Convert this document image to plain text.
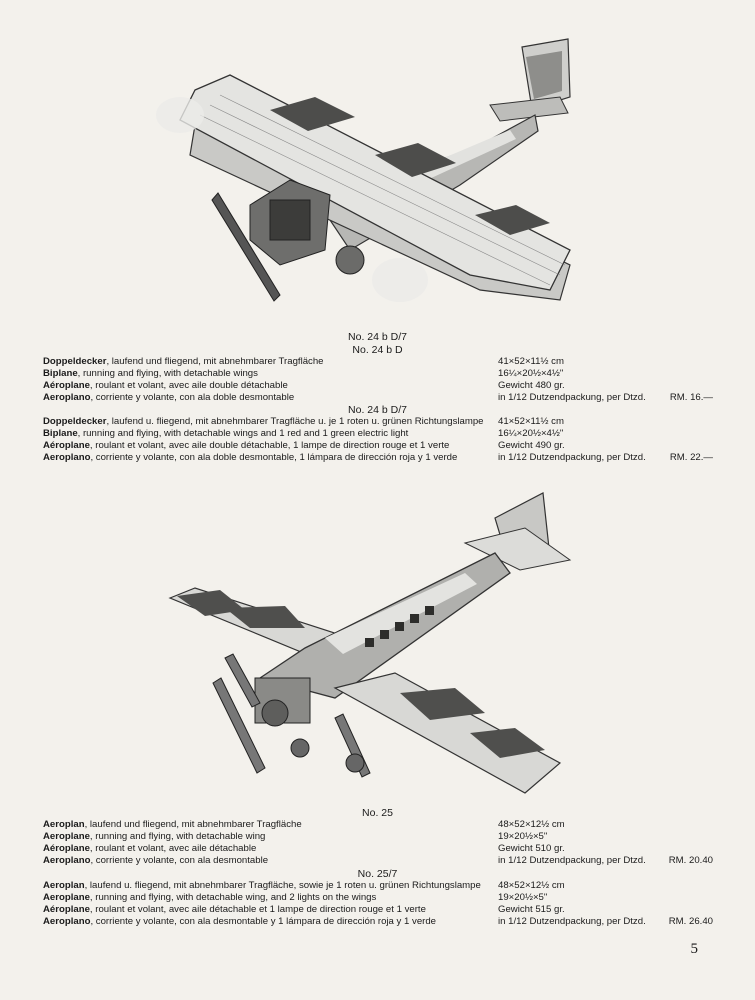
No. 24 b D/7
No. 24 b D
Doppeldecker, laufend und fliegend, mit abnehmbarer Tragfläche	41×52×11½ cm
Biplane, running and flying, with detachable wings	16¼×20½×4½"
Aéroplane, roulant et volant, avec aile double détachable	Gewicht 480 gr.
Aeroplano, corriente y volante, con ala doble desmontable	in 1/12 Dutzendpackung, per Dtzd.	RM. 16.—
No. 24 b D/7
Doppeldecker, laufend u. fliegend, mit abnehmbarer Tragfläche u. je 1 roten u. grünen Richtungslampe 41×52×11½ cm
Biplane, running and flying, with detachable wings and 1 red and 1 green electric light	16¼×20½×4½"
Aéroplane, roulant et volant, avec aile double détachable, 1 lampe de direction rouge et 1 verte	Gewicht 490 gr.
Aeroplano, corriente y volante, con ala doble desmontable, 1 lámpara de dirección roja y 1 verde	in 1/12 Dutzendpackung, per Dtzd.	RM. 22.—
No. 25
Aeroplan, laufend und fliegend, mit abnehmbarer Tragfläche	48×52×12½ cm
Aeroplane, running and flying, with detachable wing	19×20½×5"
Aéroplane, roulant et volant, avec aile détachable	Gewicht 510 gr.
Aeroplano, corriente y volante, con ala desmontable	in 1/12 Dutzendpackung, per Dtzd. RM. 20.40
No. 25/7
Aeroplan, laufend u. fliegend, mit abnehmbarer Tragfläche, sowie je 1 roten u. grünen Richtungslampe 48×52×12½ cm
Aeroplane, running and flying, with detachable wing, and 2 lights on the wings	19×20½×5"
Aéroplane, roulant et volant, avec aile détachable et 1 lampe de direction rouge et 1 verte	Gewicht 515 gr.
Aeroplano, corriente y volante, con ala desmontable y 1 lámpara de dirección roja y 1 verde	in 1/12 Dutzendpackung, per Dtzd. RM. 26.40
5
